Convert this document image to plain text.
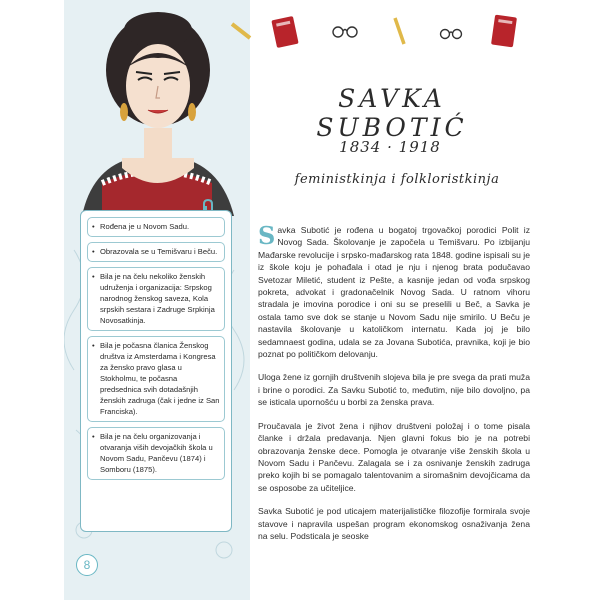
• Rođena je u Novom Sadu.
• Obrazovala se u Temišvaru i Beču.
• Bila je na čelu nekoliko ženskih udruženja i organizacija: Srpskog narodnog ženskog saveza, Kola srpskih sestara i Zadruge Srpkinja Novosatkinja.
• Bila je počasna članica Ženskog društva iz Amsterdama i Kongresa za žensko pravo glasa u Stokholmu, te počasna predsednica svih dotadašnjih ženskih zadruga (čak i jedne iz San Franciska).
• Bila je na čelu organizovanja i otvaranja viših devojačkih škola u Novom Sadu, Pančevu (1874) i Somboru (1875).
8
SAVKA SUBOTIĆ
1834 · 1918
feministkinja i folkloristkinja

Savka Subotić je rođena u bogatoj trgovačkoj porodici Polit iz Novog Sada. Školovanje je započela u Temišvaru. Po izbijanju Mađarske revolucije i srpsko-mađarskog rata 1848. godine ispisali su je iz škole koju je pohađala i otad je nju i njenog brata podučavao Svetozar Miletić, student iz Pešte, a kasnije jedan od vođa srpskog pokreta, advokat i gradonačelnik Novog Sada. U ratnom vihoru stradala je imovina porodice i oni su se preselili u Beč, a Savka je ostala tamo sve dok se stanje u Novom Sadu nije smirilo. U Beču je nastavila školovanje u katoličkom internatu. Kada joj je bilo sedamnaest godina, udala se za Jovana Subotića, pravnika, koji je bio poznat po političkom delovanju.

Uloga žene iz gornjih društvenih slojeva bila je pre svega da prati muža i brine o porodici. Za Savku Subotić to, međutim, nije bilo dovoljno, pa se isticala upornošću u borbi za ženska prava.

Proučavala je život žena i njihov društveni položaj i o tome pisala članke i držala predavanja. Njen glavni fokus bio je na potrebi obrazovanja ženske dece. Pomogla je otvaranje više ženskih škola u Novom Sadu i Pančevu. Zalagala se i za osnivanje ženskih zadruga preko kojih bi se pomagalo talentovanim a siromašnim devojčicama da se osposobe za učiteljice.

Savka Subotić je pod uticajem materijalističke filozofije formirala svoje stavove i napravila uspešan program ekonomskog osnaživanja žena na selu. Podsticala je seoske
